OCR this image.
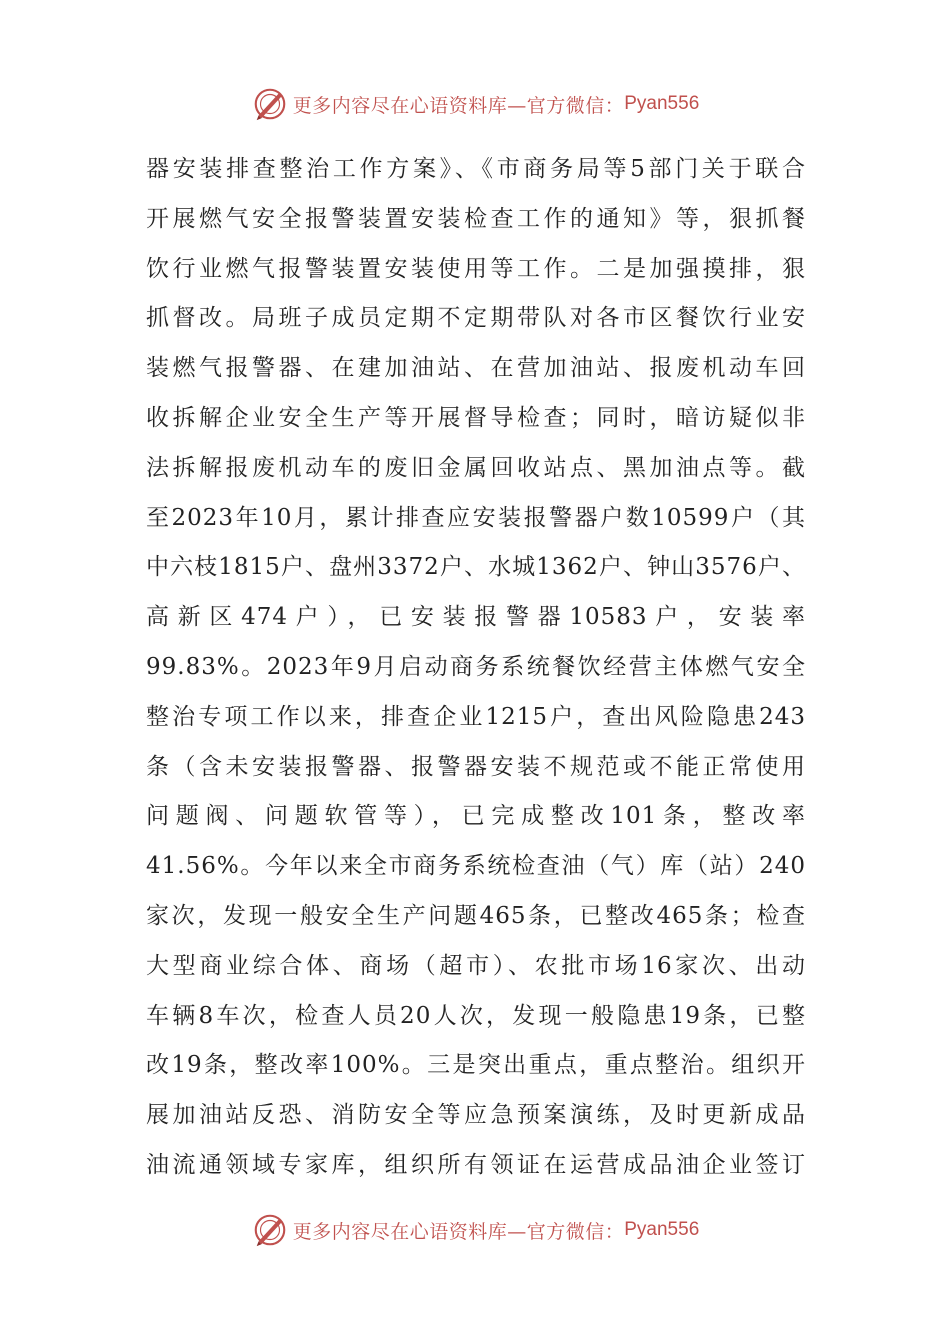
更多内容尽在心语资料库—官方微信： Pyan556
器安装排查整治工作方案》、《市商务局等5部门关于联合
开展燃气安全报警装置安装检查工作的通知》等，狠抓餐
饮行业燃气报警装置安装使用等工作。二是加强摸排，狠
抓督改。局班子成员定期不定期带队对各市区餐饮行业安
装燃气报警器、在建加油站、在营加油站、报废机动车回
收拆解企业安全生产等开展督导检查；同时，暗访疑似非
法拆解报废机动车的废旧金属回收站点、黑加油点等。截
至2023年10月，累计排查应安装报警器户数10599户（其
中六枝1815户、盘州3372户、水城1362户、钟山3576户、
高新区474户），已安装报警器10583户，安装率
99.83%。2023年9月启动商务系统餐饮经营主体燃气安全
整治专项工作以来，排查企业1215户，查出风险隐患243
条（含未安装报警器、报警器安装不规范或不能正常使用
问题阀、问题软管等），已完成整改101条，整改率
41.56%。今年以来全市商务系统检查油（气）库（站）240
家次，发现一般安全生产问题465条，已整改465条；检查
大型商业综合体、商场（超市）、农批市场16家次、出动
车辆8车次，检查人员20人次，发现一般隐患19条，已整
改19条，整改率100%。三是突出重点，重点整治。组织开
展加油站反恐、消防安全等应急预案演练，及时更新成品
油流通领域专家库，组织所有领证在运营成品油企业签订
更多内容尽在心语资料库—官方微信： Pyan556
